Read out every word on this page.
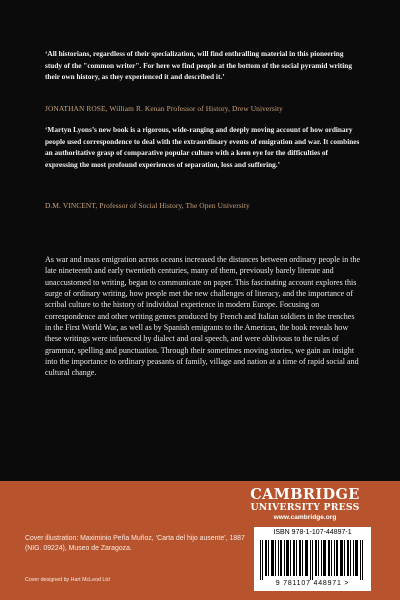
‘All historians, regardless of their specialization, will find enthralling material in this pioneering study of the "common writer". For here we find people at the bottom of the social pyramid writing their own history, as they experienced it and described it.’
JONATHAN ROSE, William R. Kenan Professor of History, Drew University
‘Martyn Lyons’s new book is a rigorous, wide-ranging and deeply moving account of how ordinary people used correspondence to deal with the extraordinary events of emigration and war. It combines an authoritative grasp of comparative popular culture with a keen eye for the difficulties of expressing the most profound experiences of separation, loss and suffering.’
D.M. VINCENT, Professor of Social History, The Open University

As war and mass emigration across oceans increased the distances between ordinary people in the late nineteenth and early twentieth centuries, many of them, previously barely literate and unaccustomed to writing, began to communicate on paper. This fascinating account explores this surge of ordinary writing, how people met the new challenges of literacy, and the importance of scribal culture to the history of individual experience in modern Europe. Focusing on correspondence and other writing genres produced by French and Italian soldiers in the trenches in the First World War, as well as by Spanish emigrants to the Americas, the book reveals how these writings were infuenced by dialect and oral speech, and were oblivious to the rules of grammar, spelling and punctuation. Through their sometimes moving stories, we gain an insight into the importance to ordinary peasants of family, village and nation at a time of rapid social and cultural change.

CAMBRIDGE
UNIVERSITY PRESS
www.cambridge.org
Cover illustration: Maximinio Peña Muñoz, ‘Carta del hijo ausente’, 1887 (NIG. 09224), Museo de Zaragoza.
Cover designed by Hart McLeod Ltd
ISBN 978-1-107-44897-1
9 781107 448971 >
